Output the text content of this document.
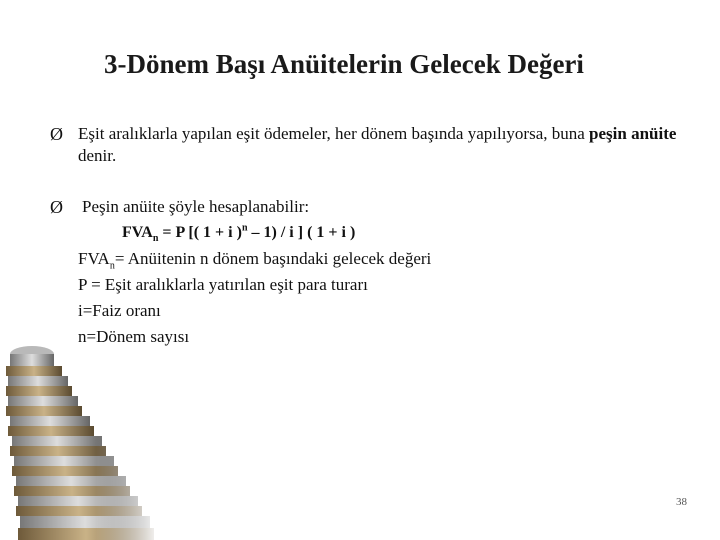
3-Dönem Başı Anüitelerin Gelecek Değeri
Ø Eşit aralıklarla yapılan eşit ödemeler, her dönem başında yapılıyorsa, buna peşin anüite denir.
Ø Peşin anüite şöyle hesaplanabilir:
$FVA_n = P$ [( 1 + i )$^n$ – 1) / i ] ( 1 + i )
$FVA_n=$ Anüitenin n dönem başındaki gelecek değeri
P = Eşit aralıklarla yatırılan eşit para turarı
i=Faiz oranı
n=Dönem sayısı
38
